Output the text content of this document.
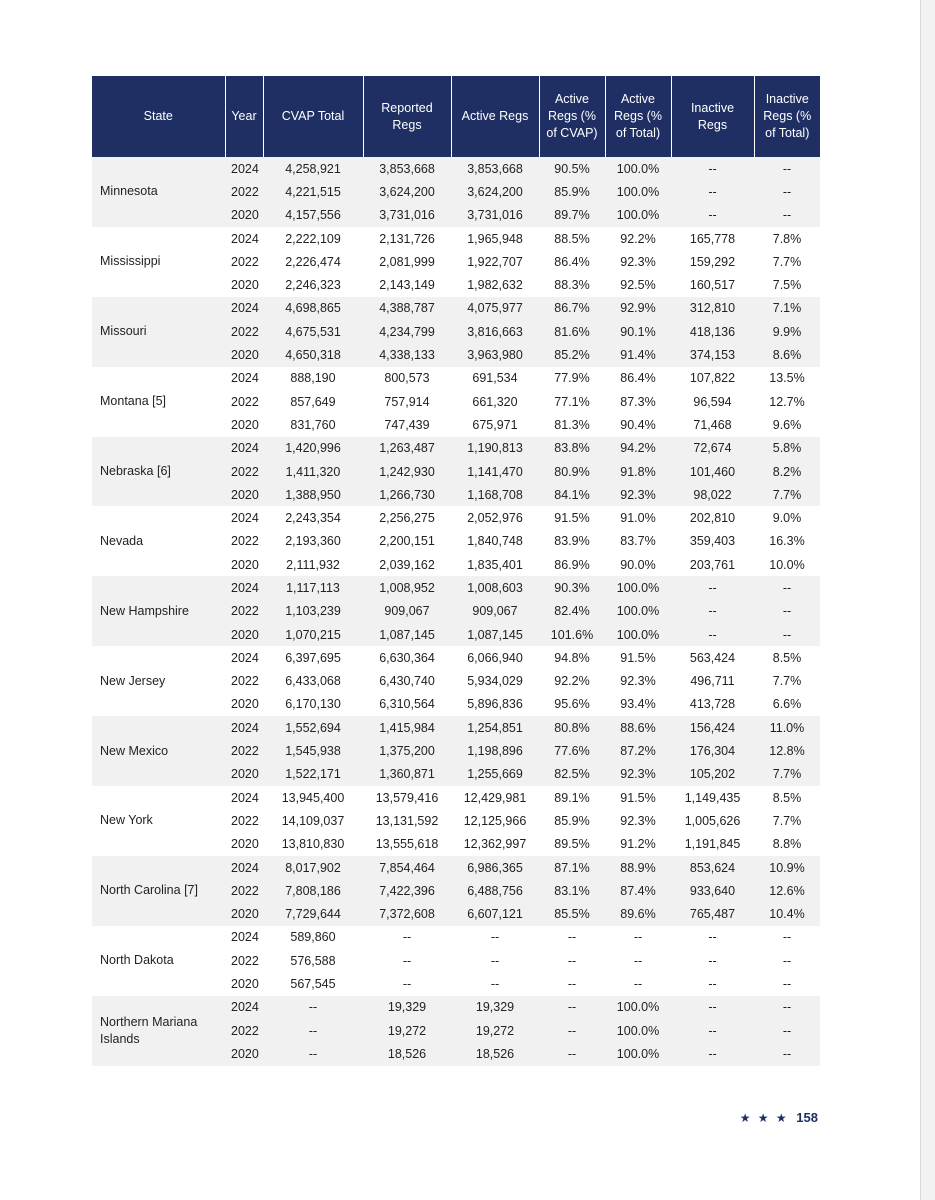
State	Year	CVAP Total	Reported Regs	Active Regs	Active Regs (% of CVAP)	Active Regs (% of Total)	Inactive Regs	Inactive Regs (% of Total)
Minnesota	2024	4,258,921	3,853,668	3,853,668	90.5%	100.0%	--	--
	2022	4,221,515	3,624,200	3,624,200	85.9%	100.0%	--	--
	2020	4,157,556	3,731,016	3,731,016	89.7%	100.0%	--	--
Mississippi	2024	2,222,109	2,131,726	1,965,948	88.5%	92.2%	165,778	7.8%
	2022	2,226,474	2,081,999	1,922,707	86.4%	92.3%	159,292	7.7%
	2020	2,246,323	2,143,149	1,982,632	88.3%	92.5%	160,517	7.5%
Missouri	2024	4,698,865	4,388,787	4,075,977	86.7%	92.9%	312,810	7.1%
	2022	4,675,531	4,234,799	3,816,663	81.6%	90.1%	418,136	9.9%
	2020	4,650,318	4,338,133	3,963,980	85.2%	91.4%	374,153	8.6%
Montana [5]	2024	888,190	800,573	691,534	77.9%	86.4%	107,822	13.5%
	2022	857,649	757,914	661,320	77.1%	87.3%	96,594	12.7%
	2020	831,760	747,439	675,971	81.3%	90.4%	71,468	9.6%
Nebraska [6]	2024	1,420,996	1,263,487	1,190,813	83.8%	94.2%	72,674	5.8%
	2022	1,411,320	1,242,930	1,141,470	80.9%	91.8%	101,460	8.2%
	2020	1,388,950	1,266,730	1,168,708	84.1%	92.3%	98,022	7.7%
Nevada	2024	2,243,354	2,256,275	2,052,976	91.5%	91.0%	202,810	9.0%
	2022	2,193,360	2,200,151	1,840,748	83.9%	83.7%	359,403	16.3%
	2020	2,111,932	2,039,162	1,835,401	86.9%	90.0%	203,761	10.0%
New Hampshire	2024	1,117,113	1,008,952	1,008,603	90.3%	100.0%	--	--
	2022	1,103,239	909,067	909,067	82.4%	100.0%	--	--
	2020	1,070,215	1,087,145	1,087,145	101.6%	100.0%	--	--
New Jersey	2024	6,397,695	6,630,364	6,066,940	94.8%	91.5%	563,424	8.5%
	2022	6,433,068	6,430,740	5,934,029	92.2%	92.3%	496,711	7.7%
	2020	6,170,130	6,310,564	5,896,836	95.6%	93.4%	413,728	6.6%
New Mexico	2024	1,552,694	1,415,984	1,254,851	80.8%	88.6%	156,424	11.0%
	2022	1,545,938	1,375,200	1,198,896	77.6%	87.2%	176,304	12.8%
	2020	1,522,171	1,360,871	1,255,669	82.5%	92.3%	105,202	7.7%
New York	2024	13,945,400	13,579,416	12,429,981	89.1%	91.5%	1,149,435	8.5%
	2022	14,109,037	13,131,592	12,125,966	85.9%	92.3%	1,005,626	7.7%
	2020	13,810,830	13,555,618	12,362,997	89.5%	91.2%	1,191,845	8.8%
North Carolina [7]	2024	8,017,902	7,854,464	6,986,365	87.1%	88.9%	853,624	10.9%
	2022	7,808,186	7,422,396	6,488,756	83.1%	87.4%	933,640	12.6%
	2020	7,729,644	7,372,608	6,607,121	85.5%	89.6%	765,487	10.4%
North Dakota	2024	589,860	--	--	--	--	--	--
	2022	576,588	--	--	--	--	--	--
	2020	567,545	--	--	--	--	--	--
Northern Mariana Islands	2024	--	19,329	19,329	--	100.0%	--	--
	2022	--	19,272	19,272	--	100.0%	--	--
	2020	--	18,526	18,526	--	100.0%	--	--
★ ★ ★ 158
